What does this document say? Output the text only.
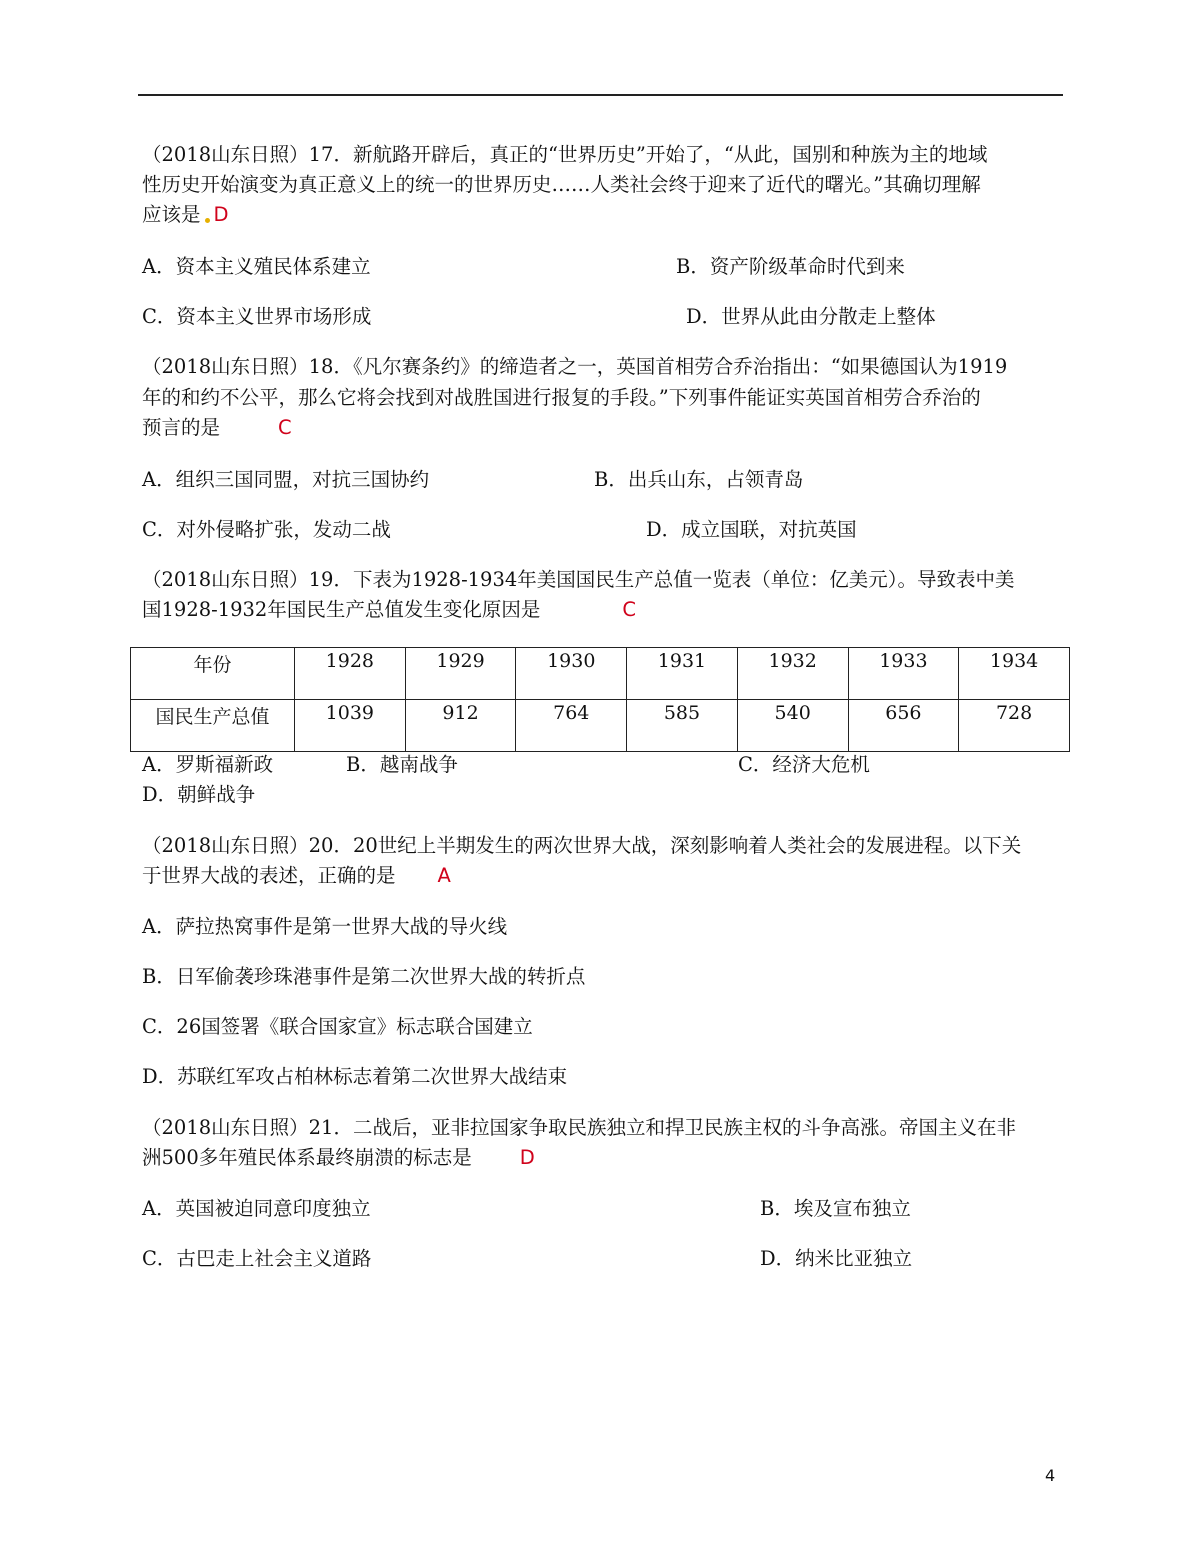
（2018山东日照）17．新航路开辟后，真正的“世界历史”开始了，“从此，国别和种族为主的地域
性历史开始演变为真正意义上的统一的世界历史……人类社会终于迎来了近代的曙光。”其确切理解
应该是 D
A．资本主义殖民体系建立	B．资产阶级革命时代到来
C．资本主义世界市场形成	D．世界从此由分散走上整体
（2018山东日照）18．《凡尔赛条约》的缔造者之一，英国首相劳合乔治指出：“如果德国认为1919
年的和约不公平，那么它将会找到对战胜国进行报复的手段。”下列事件能证实英国首相劳合乔治的
预言的是	C
A．组织三国同盟，对抗三国协约	B．出兵山东，占领青岛
C．对外侵略扩张，发动二战	D．成立国联，对抗英国
（2018山东日照）19．下表为1928-1934年美国国民生产总值一览表（单位：亿美元）。导致表中美
国1928-1932年国民生产总值发生变化原因是	C
年份	1928	1929	1930	1931	1932	1933	1934
国民生产总值	1039	912	764	585	540	656	728
A．罗斯福新政	B．越南战争	C．经济大危机
D．朝鲜战争
（2018山东日照）20．20世纪上半期发生的两次世界大战，深刻影响着人类社会的发展进程。以下关
于世界大战的表述，正确的是 A
A．萨拉热窝事件是第一世界大战的导火线
B．日军偷袭珍珠港事件是第二次世界大战的转折点
C．26国签署《联合国家宣》标志联合国建立
D．苏联红军攻占柏林标志着第二次世界大战结束
（2018山东日照）21．二战后，亚非拉国家争取民族独立和捍卫民族主权的斗争高涨。帝国主义在非
洲500多年殖民体系最终崩溃的标志是 D
A．英国被迫同意印度独立	B．埃及宣布独立
C．古巴走上社会主义道路	D．纳米比亚独立
4
